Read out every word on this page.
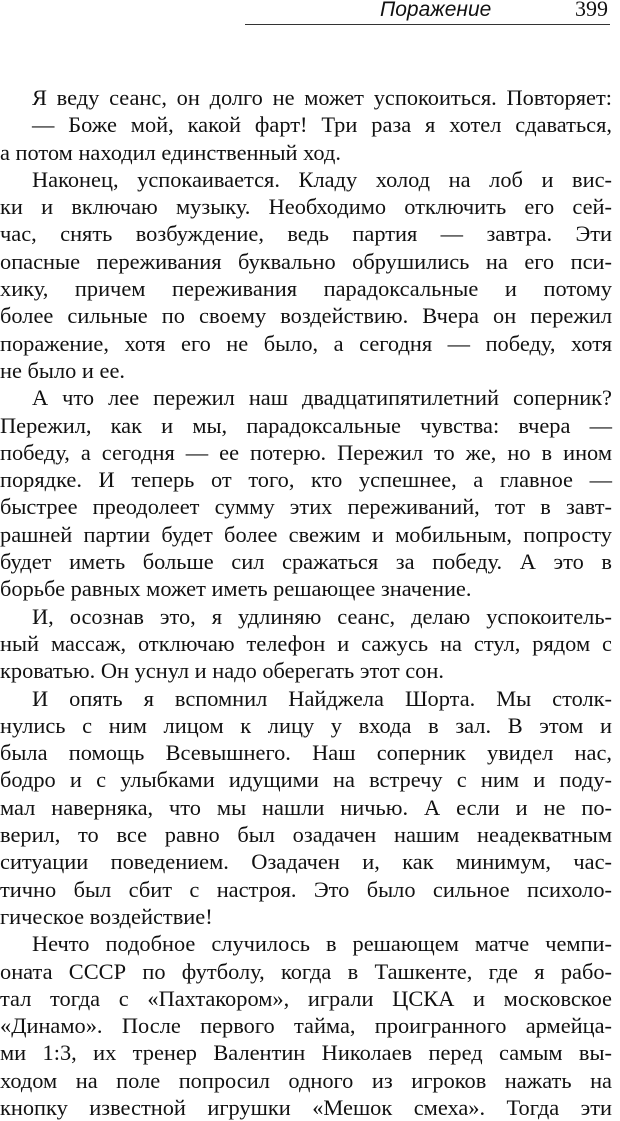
Поражение	399
Я веду сеанс, он долго не может успокоиться. Повторяет:
— Боже мой, какой фарт! Три раза я хотел сдаваться,
а потом находил единственный ход.
Наконец, успокаивается. Кладу холод на лоб и вис-
ки и включаю музыку. Необходимо отключить его сей-
час, снять возбуждение, ведь партия — завтра. Эти
опасные переживания буквально обрушились на его пси-
хику, причем переживания парадоксальные и потому
более сильные по своему воздействию. Вчера он пережил
поражение, хотя его не было, а сегодня — победу, хотя
не было и ее.
А что лее пережил наш двадцатипятилетний соперник?
Пережил, как и мы, парадоксальные чувства: вчера —
победу, а сегодня — ее потерю. Пережил то же, но в ином
порядке. И теперь от того, кто успешнее, а главное —
быстрее преодолеет сумму этих переживаний, тот в завт-
рашней партии будет более свежим и мобильным, попросту
будет иметь больше сил сражаться за победу. А это в
борьбе равных может иметь решающее значение.
И, осознав это, я удлиняю сеанс, делаю успокоитель-
ный массаж, отключаю телефон и сажусь на стул, рядом с
кроватью. Он уснул и надо оберегать этот сон.
И опять я вспомнил Найджела Шорта. Мы столк-
нулись с ним лицом к лицу у входа в зал. В этом и
была помощь Всевышнего. Наш соперник увидел нас,
бодро и с улыбками идущими на встречу с ним и поду-
мал наверняка, что мы нашли ничью. А если и не по-
верил, то все равно был озадачен нашим неадекватным
ситуации поведением. Озадачен и, как минимум, час-
тично был сбит с настроя. Это было сильное психоло-
гическое воздействие!
Нечто подобное случилось в решающем матче чемпи-
оната СССР по футболу, когда в Ташкенте, где я рабо-
тал тогда с «Пахтакором», играли ЦСКА и московское
«Динамо». После первого тайма, проигранного армейца-
ми 1:3, их тренер Валентин Николаев перед самым вы-
ходом на поле попросил одного из игроков нажать на
кнопку известной игрушки «Мешок смеха». Тогда эти
